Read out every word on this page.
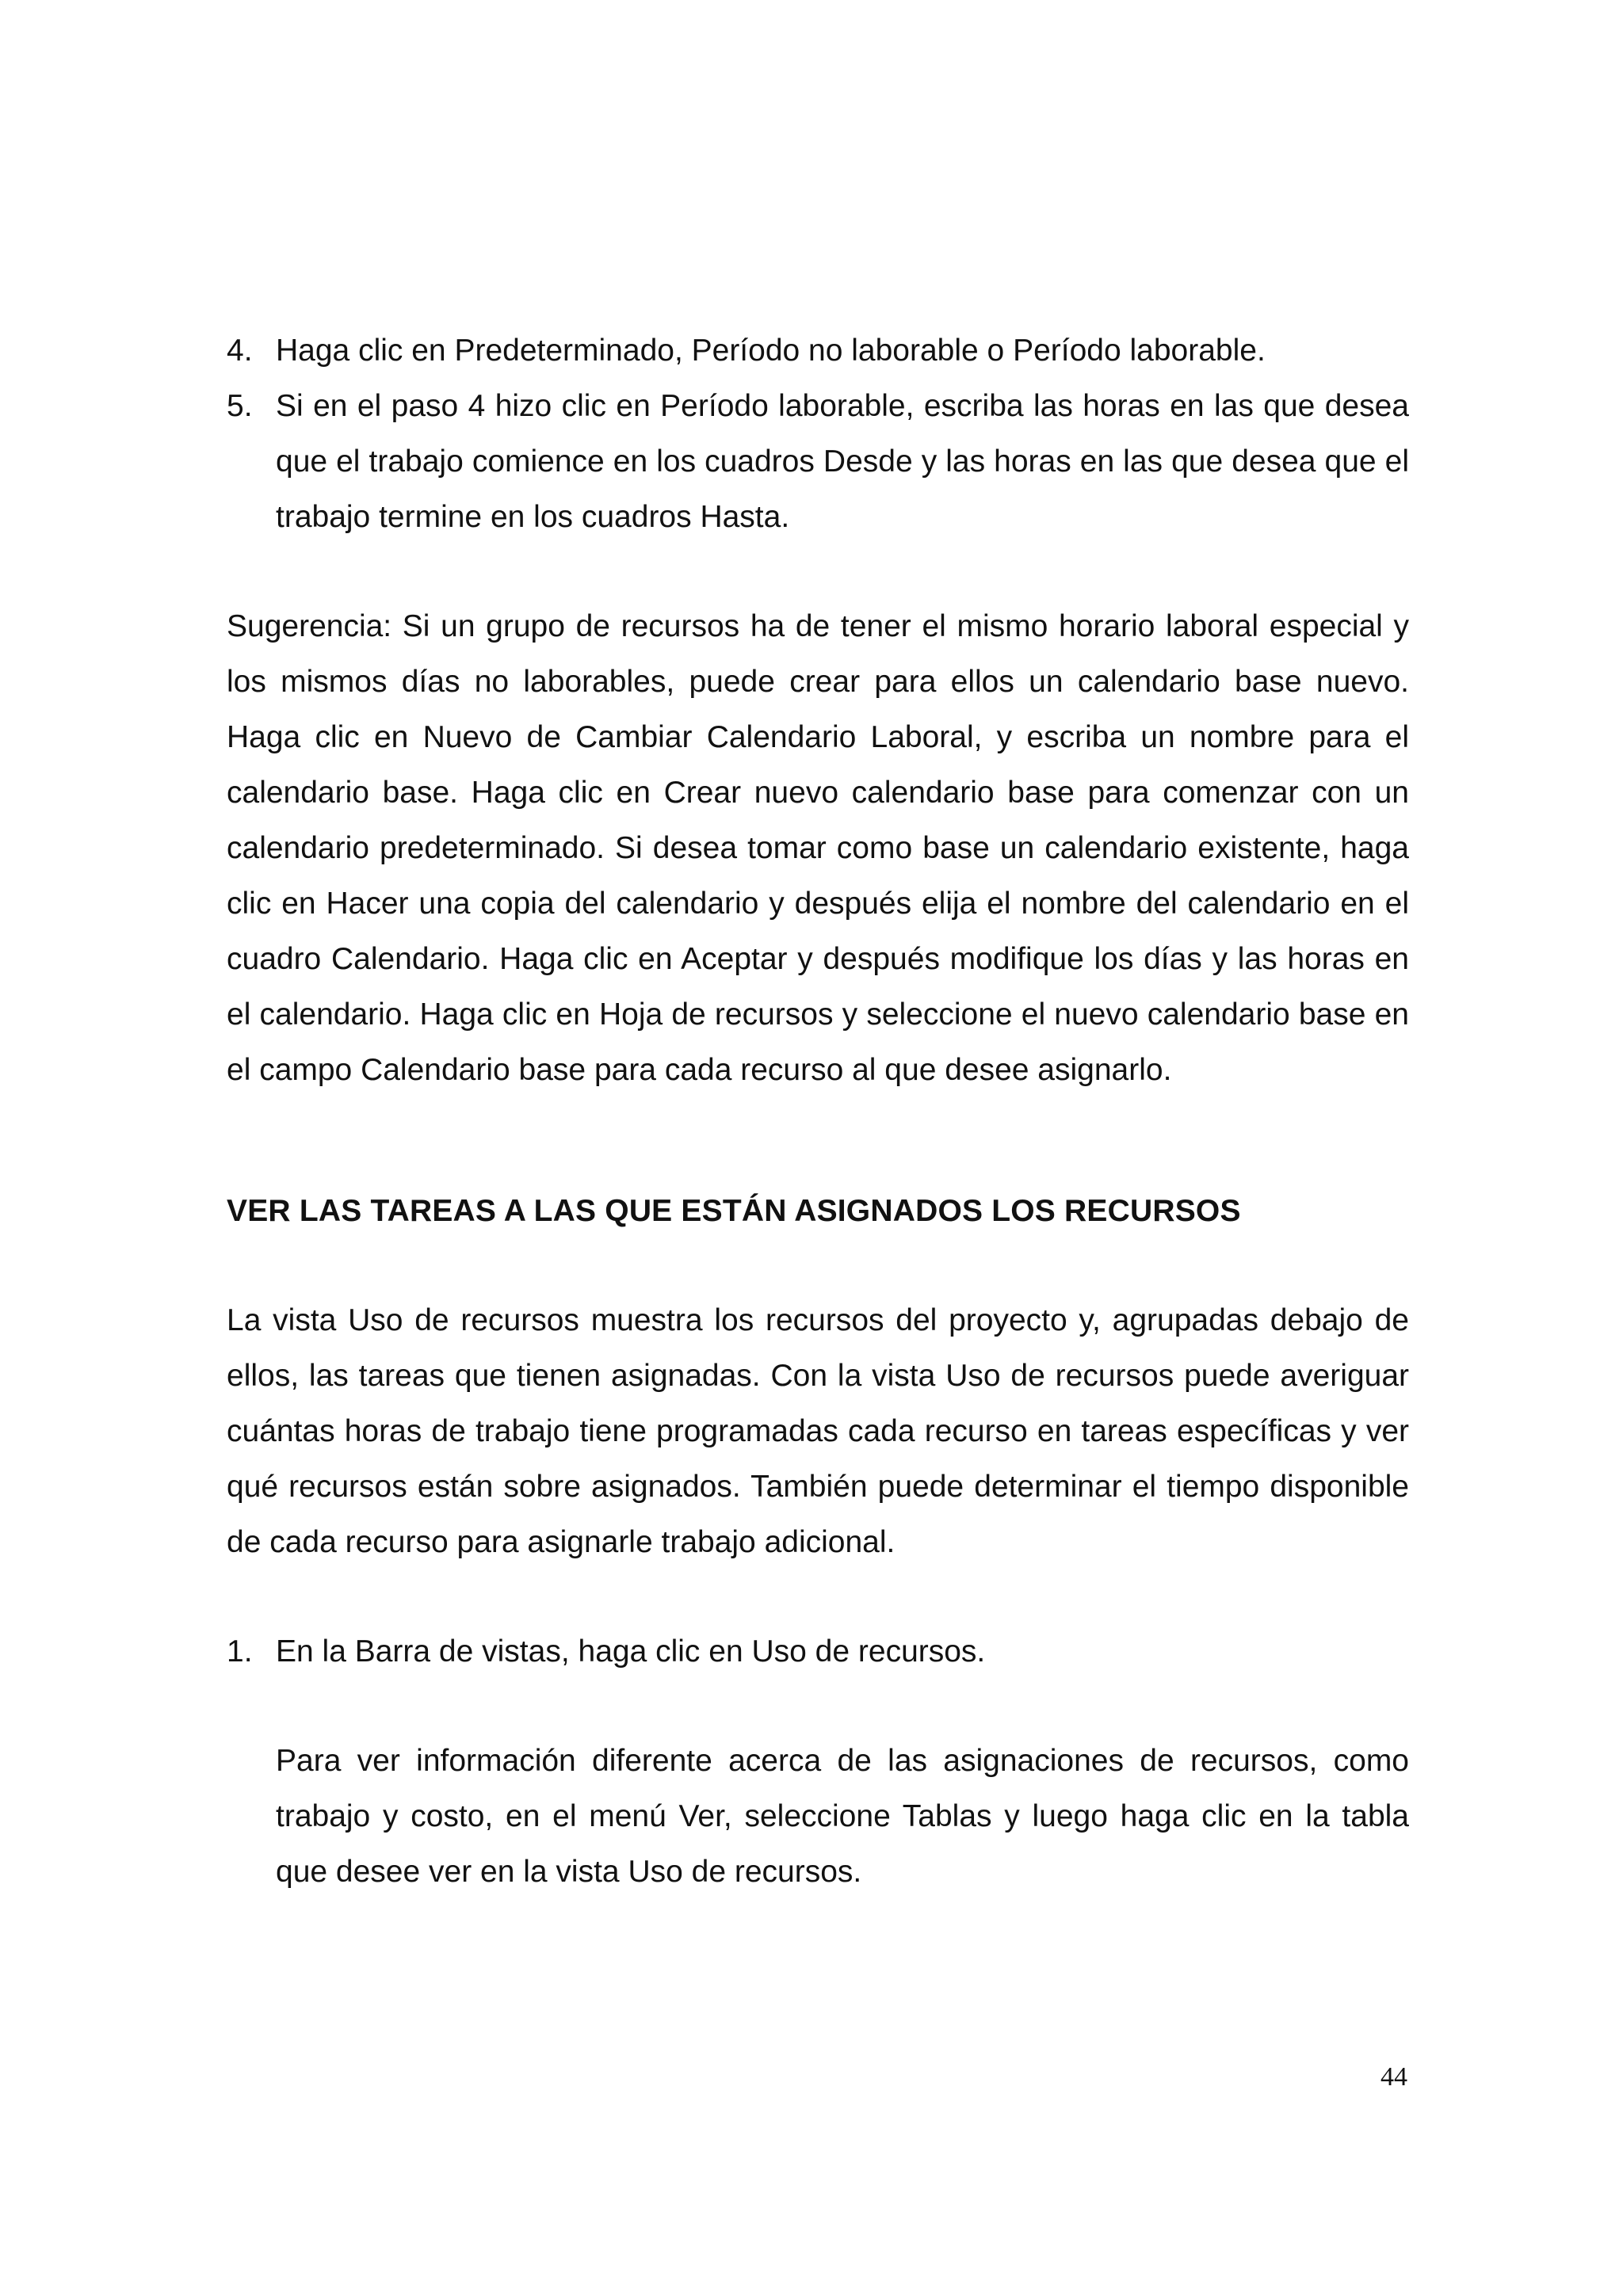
4. Haga clic en Predeterminado, Período no laborable o Período laborable.
5. Si en el paso 4 hizo clic en Período laborable, escriba las horas en las que desea que el trabajo comience en los cuadros Desde y las horas en las que desea que el trabajo termine en los cuadros Hasta.

Sugerencia: Si un grupo de recursos ha de tener el mismo horario laboral especial y los mismos días no laborables, puede crear para ellos un calendario base nuevo. Haga clic en Nuevo de Cambiar Calendario Laboral, y escriba un nombre para el calendario base. Haga clic en Crear nuevo calendario base para comenzar con un calendario predeterminado. Si desea tomar como base un calendario existente, haga clic en Hacer una copia del calendario y después elija el nombre del calendario en el cuadro Calendario. Haga clic en Aceptar y después modifique los días y las horas en el calendario. Haga clic en Hoja de recursos y seleccione el nuevo calendario base en el campo Calendario base para cada recurso al que desee asignarlo.

VER LAS TAREAS A LAS QUE ESTÁN ASIGNADOS LOS RECURSOS

La vista Uso de recursos muestra los recursos del proyecto y, agrupadas debajo de ellos, las tareas que tienen asignadas. Con la vista Uso de recursos puede averiguar cuántas horas de trabajo tiene programadas cada recurso en tareas específicas y ver qué recursos están sobre asignados. También puede determinar el tiempo disponible de cada recurso para asignarle trabajo adicional.

1. En la Barra de vistas, haga clic en Uso de recursos.

Para ver información diferente acerca de las asignaciones de recursos, como trabajo y costo, en el menú Ver, seleccione Tablas y luego haga clic en la tabla que desee ver en la vista Uso de recursos.

44
